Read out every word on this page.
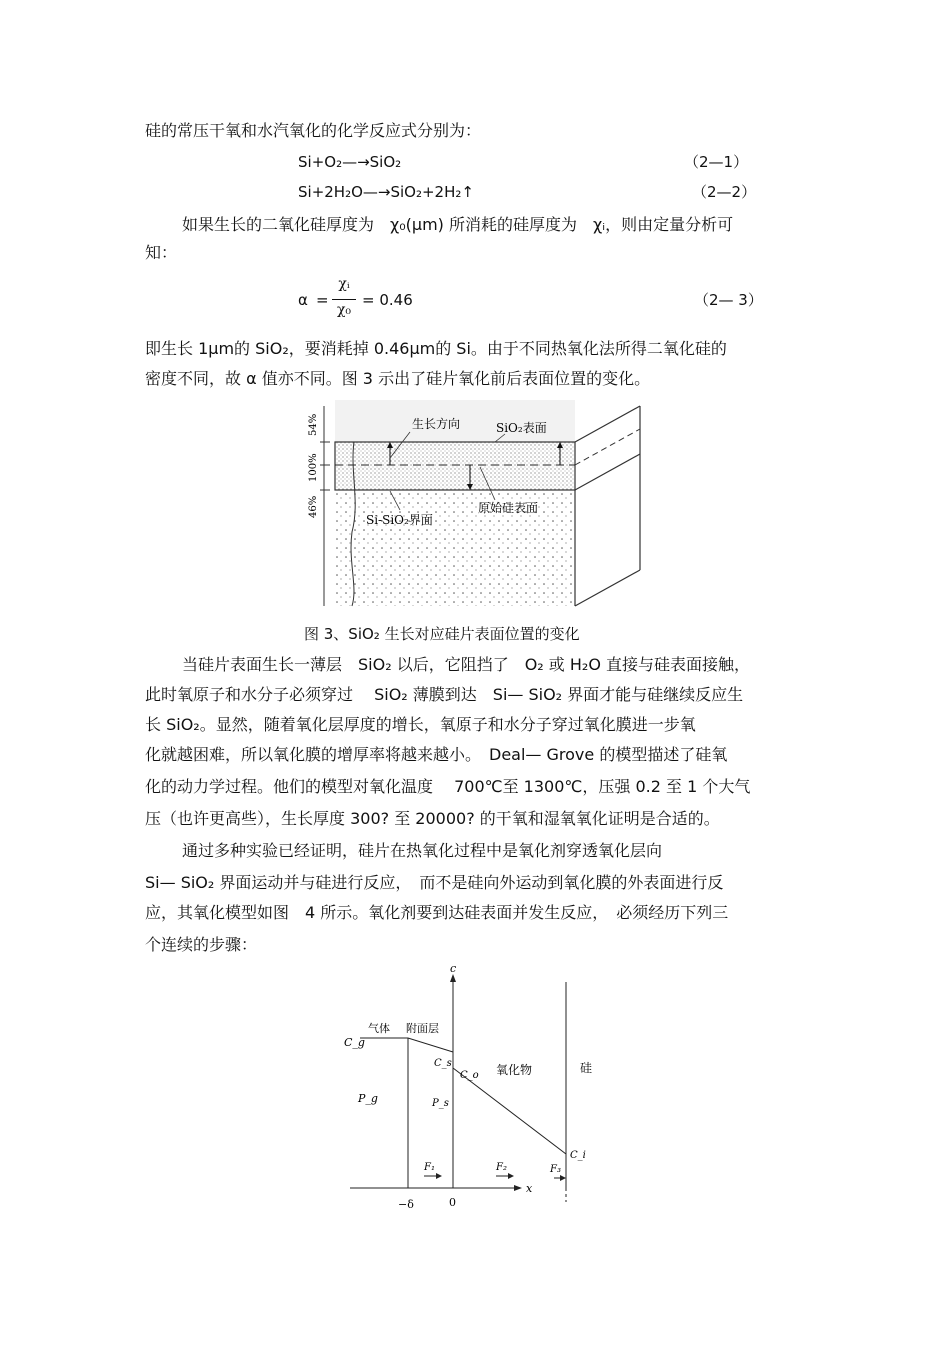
硅的常压干氧和水汽氧化的化学反应式分别为：
Si+O₂—→SiO₂	（2—1）
Si+2H₂O—→SiO₂+2H₂↑	（2—2）
如果生长的二氧化硅厚度为　χ₀(μm) 所消耗的硅厚度为　χᵢ，则由定量分析可
知：
α =
χᵢ
χ₀
= 0.46	（2— 3）
即生长 1μm的 SiO₂，要消耗掉 0.46μm的 Si。由于不同热氧化法所得二氧化硅的
密度不同，故 α 值亦不同。图 3 示出了硅片氧化前后表面位置的变化。
生长方向	SiO₂表面
原始硅表面
Si-SiO₂界面
54%
100%
46%
图 3、SiO₂ 生长对应硅片表面位置的变化
当硅片表面生长一薄层　SiO₂ 以后，它阻挡了　O₂ 或 H₂O 直接与硅表面接触，
此时氧原子和水分子必须穿过　 SiO₂ 薄膜到达　Si— SiO₂ 界面才能与硅继续反应生
长 SiO₂。显然，随着氧化层厚度的增长，氧原子和水分子穿过氧化膜进一步氧
化就越困难，所以氧化膜的增厚率将越来越小。　Deal— Grove 的模型描述了硅氧
化的动力学过程。他们的模型对氧化温度　 700℃至 1300℃，压强 0.2 至 1 个大气
压（也许更高些），生长厚度 300? 至 20000? 的干氧和湿氧氧化证明是合适的。
通过多种实验已经证明，硅片在热氧化过程中是氧化剂穿透氧化层向
Si— SiO₂ 界面运动并与硅进行反应，　而不是硅向外运动到氧化膜的外表面进行反
应，其氧化模型如图　4 所示。氧化剂要到达硅表面并发生反应，　必须经历下列三
个连续的步骤：
c
x
C_g
气体 附面层
C_s
C_o 氧化物	硅
P_g	P_s
C_i
F₁	F₂	F₃
−δ	0
